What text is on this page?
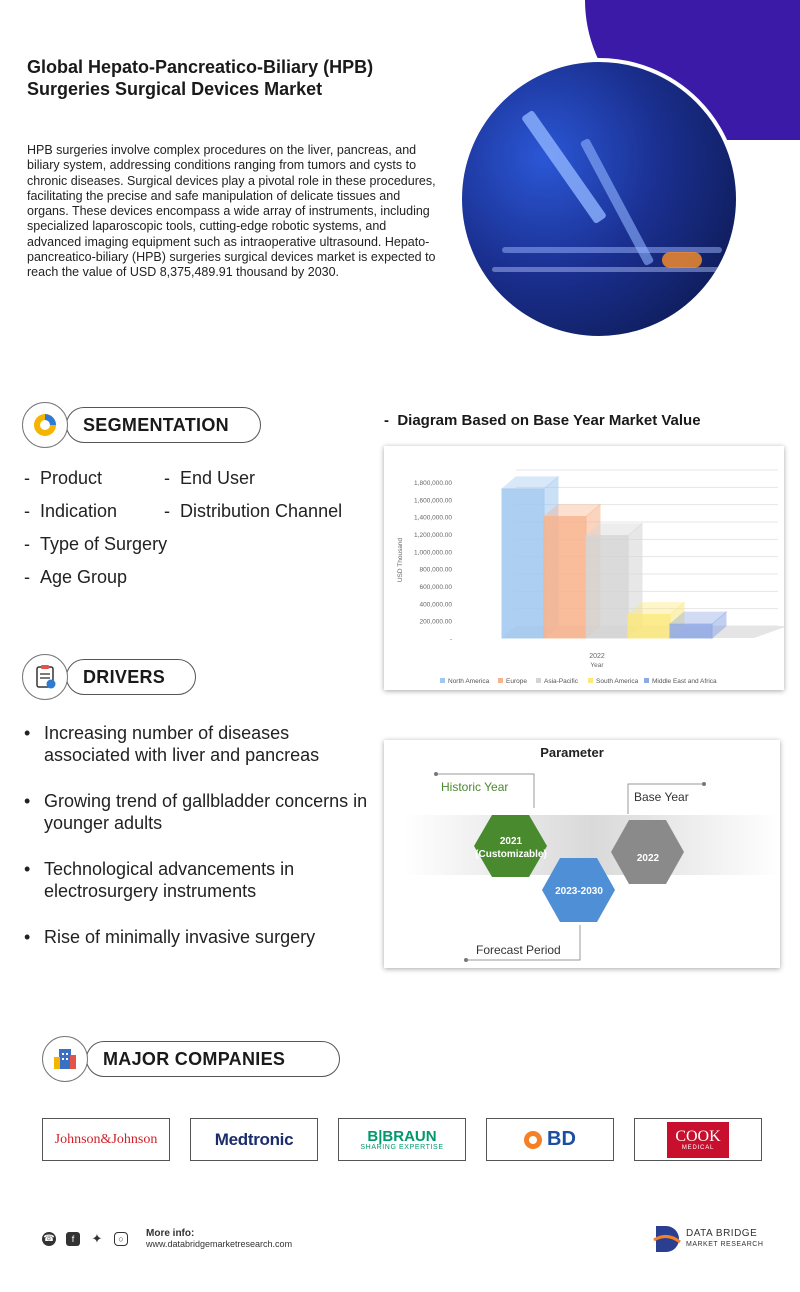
Global Hepato-Pancreatico-Biliary (HPB) Surgeries Surgical Devices Market

HPB surgeries involve complex procedures on the liver, pancreas, and biliary system, addressing conditions ranging from tumors and cysts to chronic diseases. Surgical devices play a pivotal role in these procedures, facilitating the precise and safe manipulation of delicate tissues and organs. These devices encompass a wide array of instruments, including specialized laparoscopic tools, cutting-edge robotic systems, and advanced imaging equipment such as intraoperative ultrasound. Hepato-pancreatico-biliary (HPB) surgeries surgical devices market is expected to reach the value of USD 8,375,489.91 thousand by 2030.

SEGMENTATION
- Product	- End User
- Indication	- Distribution Channel
- Type of Surgery
- Age Group
DRIVERS
• Increasing number of diseases associated with liver and pancreas
• Growing trend of gallbladder concerns in younger adults
• Technological advancements in electrosurgery instruments
• Rise of minimally invasive surgery
-  Diagram Based on Base Year Market Value
1,800,000.00
1,600,000.00
1,400,000.00
1,200,000.00
1,000,000.00
800,000.00
600,000.00
400,000.00
200,000.00
-
USD Thousand
2022
Year
North America	Europe	Asia-Pacific	South America Middle East and Africa
Parameter
Historic Year
2021
(Customizable)
2023-2030
Forecast Period
2022
Base Year
MAJOR COMPANIES
Johnson&Johnson	Medtronic	B|BRAUN
SHARING EXPERTISE	BD	COOK
MEDICAL
☎	f	✦	○	More info:
www.databridgemarketresearch.com
DATA BRIDGE
MARKET RESEARCH
